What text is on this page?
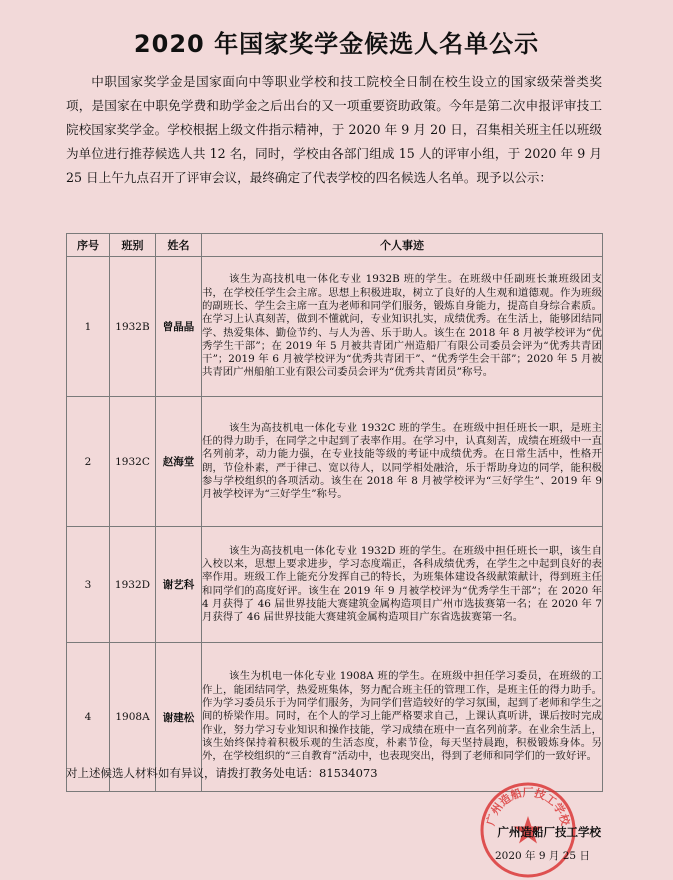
2020 年国家奖学金候选人名单公示
中职国家奖学金是国家面向中等职业学校和技工院校全日制在校生设立的国家级荣誉类奖项，是国家在中职免学费和助学金之后出台的又一项重要资助政策。今年是第二次申报评审技工院校国家奖学金。学校根据上级文件指示精神，于 2020 年 9 月 20 日，召集相关班主任以班级为单位进行推荐候选人共 12 名，同时，学校由各部门组成 15 人的评审小组，于 2020 年 9 月 25 日上午九点召开了评审会议，最终确定了代表学校的四名候选人名单。现予以公示：
序号	班别	姓名	个人事迹
1	1932B	曾晶晶	该生为高技机电一体化专业 1932B 班的学生。在班级中任副班长兼班级团支书，在学校任学生会主席。思想上积极进取，树立了良好的人生观和道德观。作为班级的副班长、学生会主席一直为老师和同学们服务，锻炼自身能力，提高自身综合素质。在学习上认真刻苦，做到不懂就问，专业知识扎实，成绩优秀。在生活上，能够团结同学、热爱集体、勤俭节约、与人为善、乐于助人。该生在 2018 年 8 月被学校评为“优秀学生干部”；在 2019 年 5 月被共青团广州造船厂有限公司委员会评为“优秀共青团干”；2019 年 6 月被学校评为“优秀共青团干”、“优秀学生会干部”；2020 年 5 月被共青团广州船舶工业有限公司委员会评为“优秀共青团员”称号。
2	1932C	赵海堂	该生为高技机电一体化专业 1932C 班的学生。在班级中担任班长一职，是班主任的得力助手，在同学之中起到了表率作用。在学习中，认真刻苦，成绩在班级中一直名列前茅，动力能力强，在专业技能等级的考证中成绩优秀。在日常生活中，性格开朗，节俭朴素，严于律己、宽以待人，以同学相处融洽，乐于帮助身边的同学，能积极参与学校组织的各项活动。该生在 2018 年 8 月被学校评为“三好学生”、2019 年 9 月被学校评为“三好学生”称号。
3	1932D	谢艺科	该生为高技机电一体化专业 1932D 班的学生。在班级中担任班长一职，该生自入校以来，思想上要求进步，学习态度端正，各科成绩优秀，在学生之中起到良好的表率作用。班级工作上能充分发挥自己的特长，为班集体建设各级献策献计，得到班主任和同学们的高度好评。该生在 2019 年 9 月被学校评为“优秀学生干部”；在 2020 年 4 月获得了 46 届世界技能大赛建筑金属构造项目广州市选拔赛第一名；在 2020 年 7 月获得了 46 届世界技能大赛建筑金属构造项目广东省选拔赛第一名。
4	1908A	谢建松	该生为机电一体化专业 1908A 班的学生。在班级中担任学习委员，在班级的工作上，能团结同学，热爱班集体，努力配合班主任的管理工作，是班主任的得力助手。作为学习委员乐于为同学们服务，为同学们营造较好的学习氛围，起到了老师和学生之间的桥梁作用。同时，在个人的学习上能严格要求自己，上课认真听讲，课后按时完成作业，努力学习专业知识和操作技能，学习成绩在班中一直名列前茅。在业余生活上，该生始终保持着积极乐观的生活态度，朴素节俭，每天坚持晨跑，积极锻炼身体。另外，在学校组织的“三自教育”活动中，也表现突出，得到了老师和同学们的一致好评。
对上述候选人材料如有异议，请拨打教务处电话：81534073
广州造船厂技工学校
广州造船厂技工学校
2020 年 9 月 25 日
